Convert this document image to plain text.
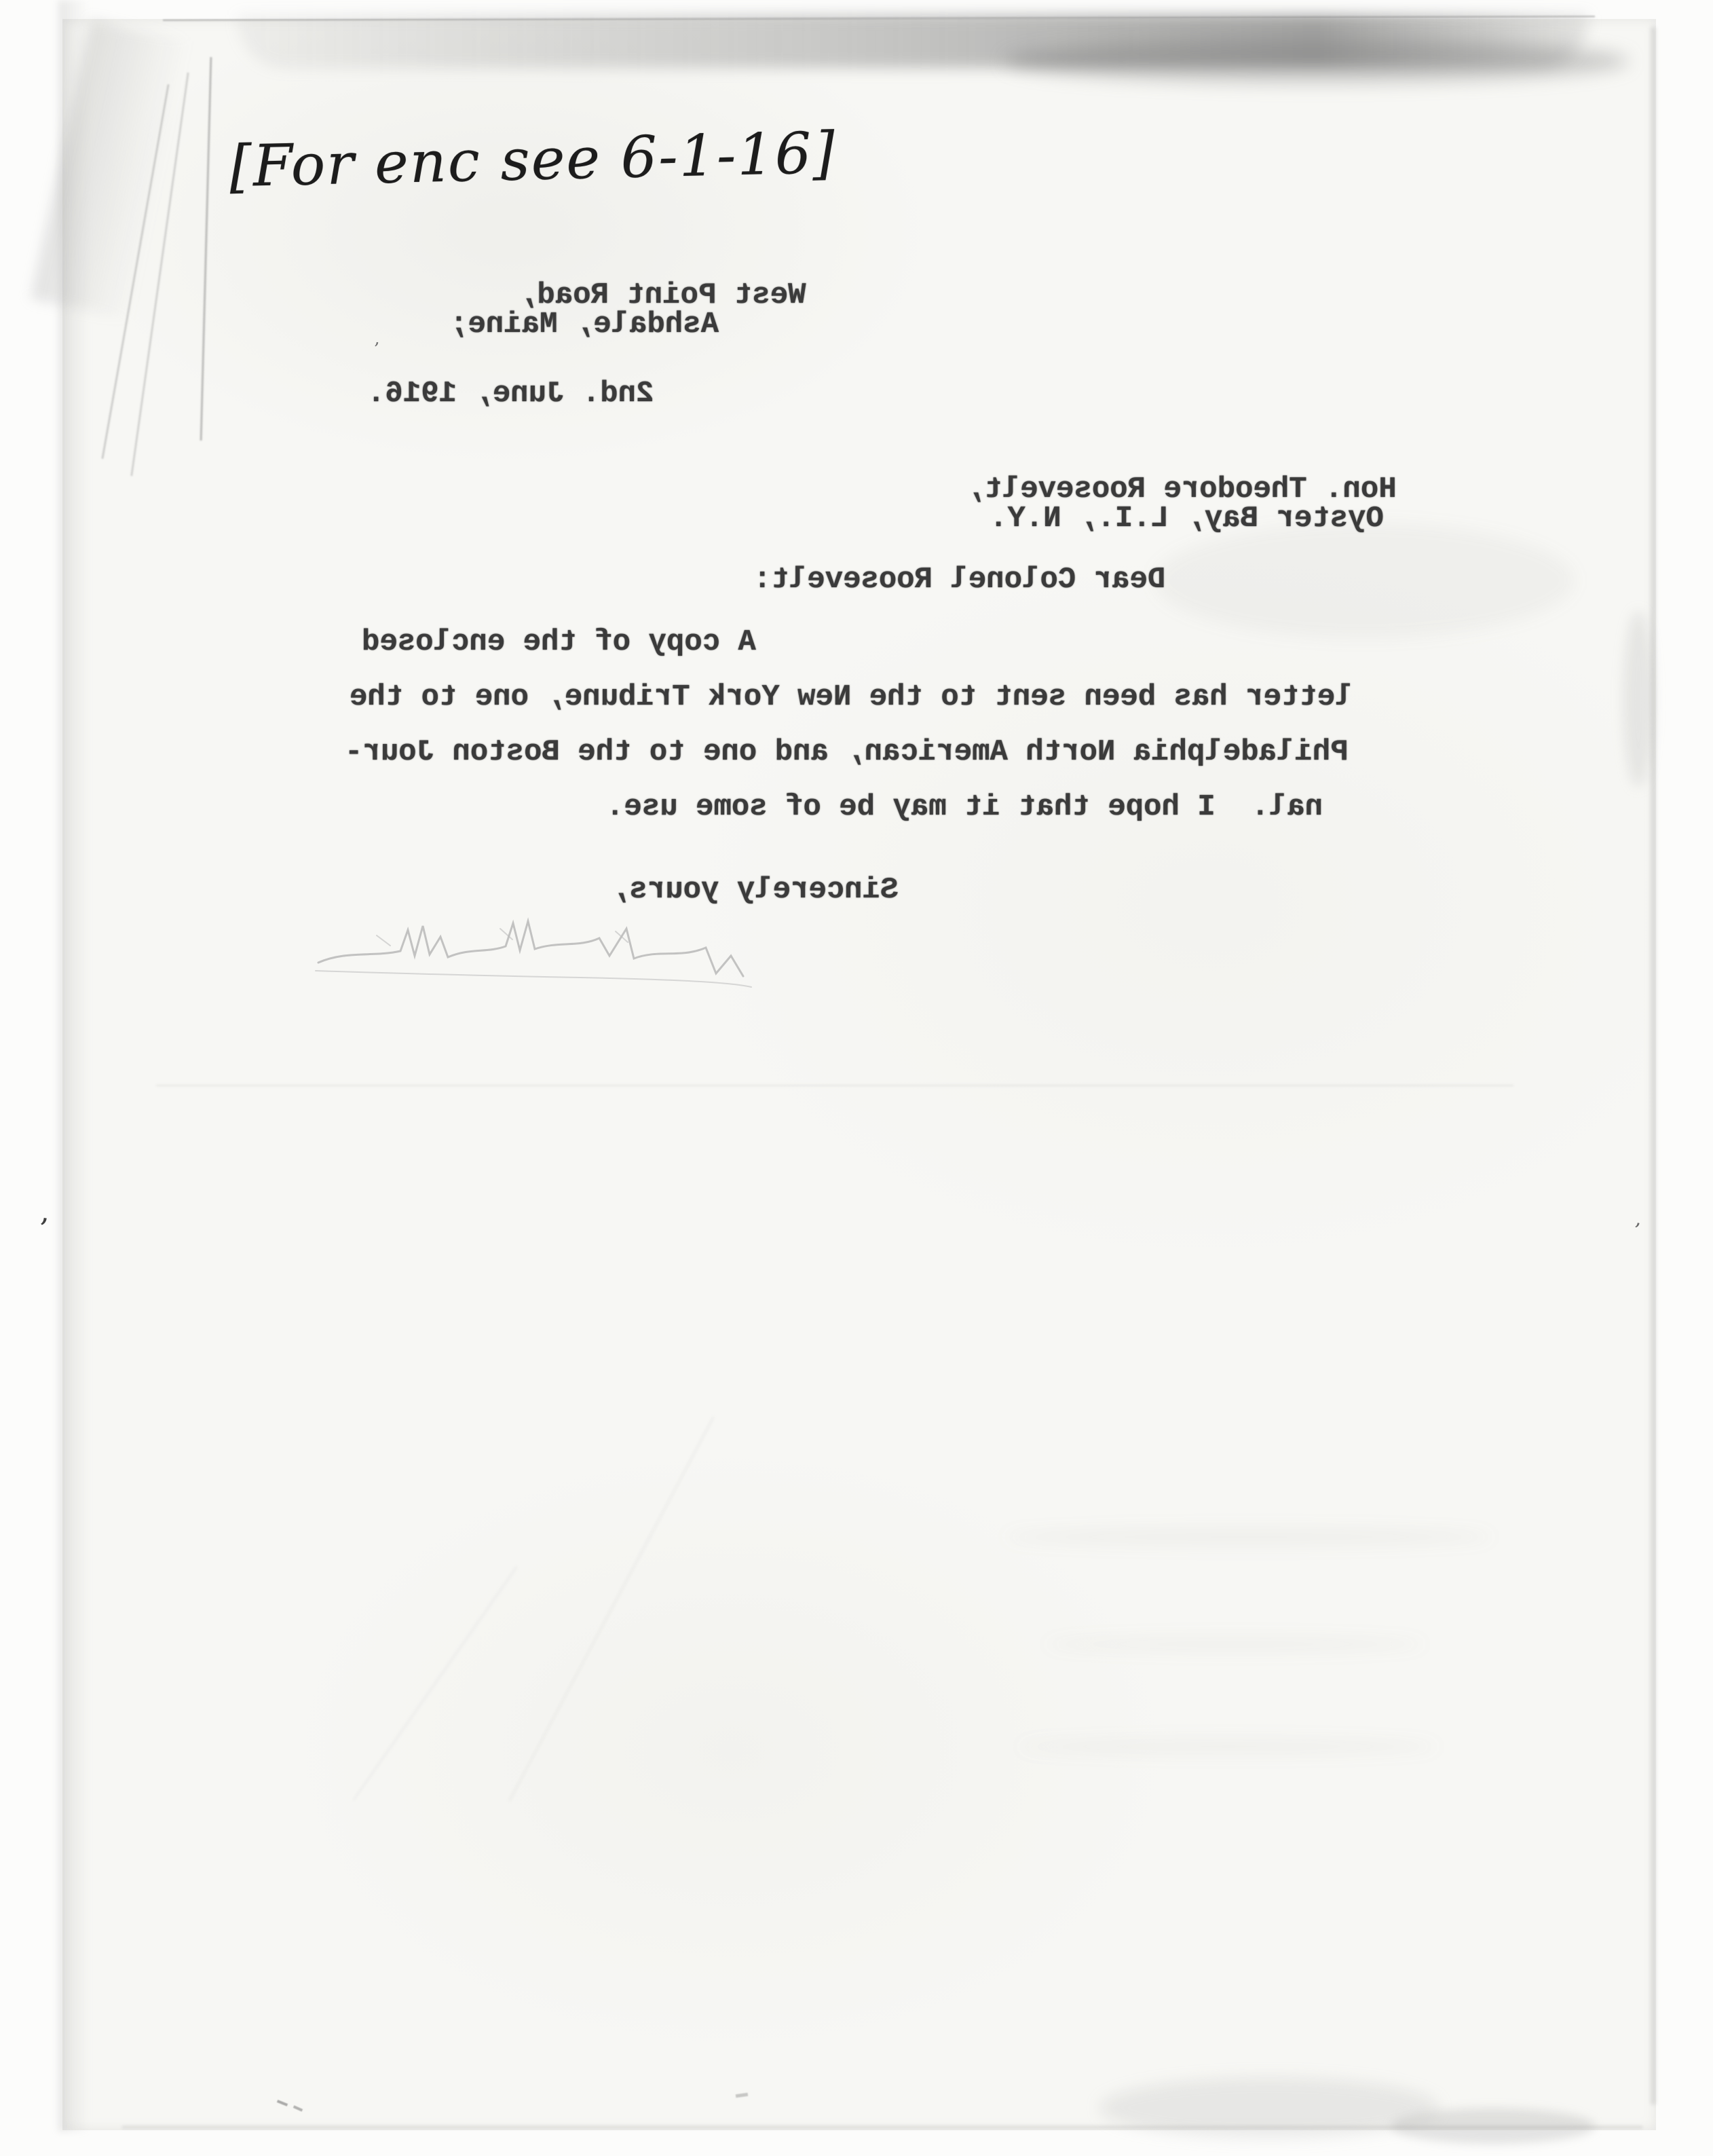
’	’
’
[For enc see 6-1-16]
West Point Road,
Ashdale, Maine;
2nd. June, 1916.
Hon. Theodore Roosevelt,
Oyster Bay, L.I., N.Y.
Dear Colonel Roosevelt:
A copy of the enclosed
letter has been sent to the New York Tribune, one to the
Philadelphia North American, and one to the Boston Jour-
nal.  I hope that it may be of some use.
Sincerely yours,
